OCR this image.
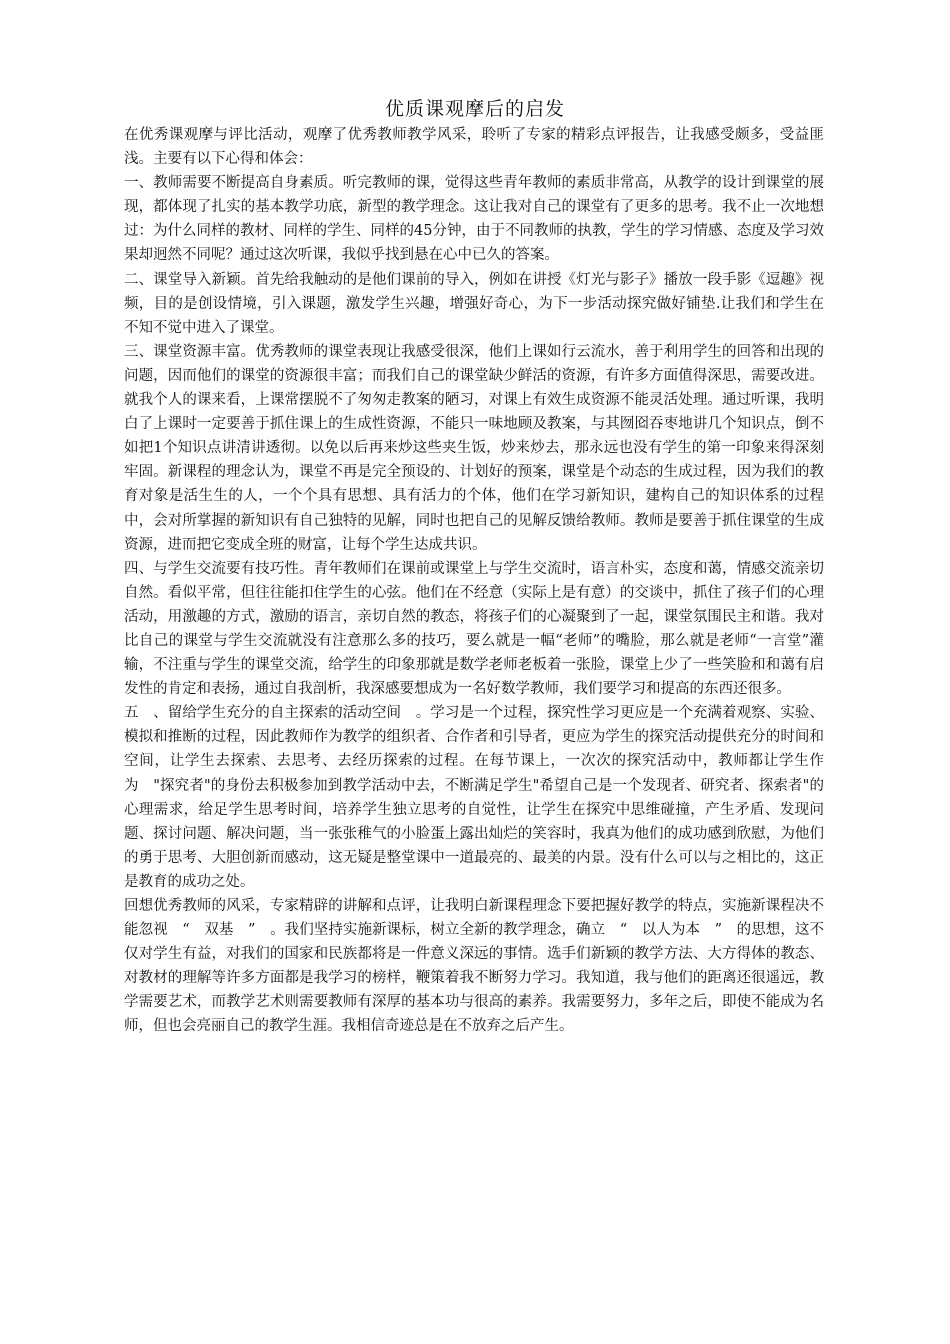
优质课观摩后的启发

在优秀课观摩与评比活动，观摩了优秀教师教学风采，聆听了专家的精彩点评报告，让我感受颇多，受益匪浅。主要有以下心得和体会：

一、教师需要不断提高自身素质。听完教师的课，觉得这些青年教师的素质非常高，从教学的设计到课堂的展现，都体现了扎实的基本教学功底，新型的教学理念。这让我对自己的课堂有了更多的思考。我不止一次地想过：为什么同样的教材、同样的学生、同样的45分钟，由于不同教师的执教，学生的学习情感、态度及学习效果却迥然不同呢？通过这次听课，我似乎找到悬在心中已久的答案。

二、课堂导入新颖。首先给我触动的是他们课前的导入，例如在讲授《灯光与影子》播放一段手影《逗趣》视频，目的是创设情境，引入课题，激发学生兴趣，增强好奇心，为下一步活动探究做好铺垫.让我们和学生在不知不觉中进入了课堂。

三、课堂资源丰富。优秀教师的课堂表现让我感受很深，他们上课如行云流水，善于利用学生的回答和出现的问题，因而他们的课堂的资源很丰富；而我们自己的课堂缺少鲜活的资源，有许多方面值得深思，需要改进。就我个人的课来看，上课常摆脱不了匆匆走教案的陋习，对课上有效生成资源不能灵活处理。通过听课，我明白了上课时一定要善于抓住课上的生成性资源，不能只一味地顾及教案，与其囫囵吞枣地讲几个知识点，倒不如把1个知识点讲清讲透彻。以免以后再来炒这些夹生饭，炒来炒去，那永远也没有学生的第一印象来得深刻牢固。新课程的理念认为，课堂不再是完全预设的、计划好的预案，课堂是个动态的生成过程，因为我们的教育对象是活生生的人，一个个具有思想、具有活力的个体，他们在学习新知识，建构自己的知识体系的过程中，会对所掌握的新知识有自己独特的见解，同时也把自己的见解反馈给教师。教师是要善于抓住课堂的生成资源，进而把它变成全班的财富，让每个学生达成共识。

四、与学生交流要有技巧性。青年教师们在课前或课堂上与学生交流时，语言朴实，态度和蔼，情感交流亲切自然。看似平常，但往往能扣住学生的心弦。他们在不经意（实际上是有意）的交谈中，抓住了孩子们的心理活动，用激趣的方式，激励的语言，亲切自然的教态，将孩子们的心凝聚到了一起，课堂氛围民主和谐。我对比自己的课堂与学生交流就没有注意那么多的技巧，要么就是一幅“老师”的嘴脸，那么就是老师“一言堂”灌输，不注重与学生的课堂交流，给学生的印象那就是数学老师老板着一张脸，课堂上少了一些笑脸和和蔼有启发性的肯定和表扬，通过自我剖析，我深感要想成为一名好数学教师，我们要学习和提高的东西还很多。

五　、留给学生充分的自主探索的活动空间　。学习是一个过程，探究性学习更应是一个充满着观察、实验、模拟和推断的过程，因此教师作为教学的组织者、合作者和引导者，更应为学生的探究活动提供充分的时间和空间，让学生去探索、去思考、去经历探索的过程。在每节课上，一次次的探究活动中，教师都让学生作为　"探究者"的身份去积极参加到教学活动中去，不断满足学生"希望自己是一个发现者、研究者、探索者"的心理需求，给足学生思考时间，培养学生独立思考的自觉性，让学生在探究中思维碰撞，产生矛盾、发现问题、探讨问题、解决问题，当一张张稚气的小脸蛋上露出灿烂的笑容时，我真为他们的成功感到欣慰，为他们的勇于思考、大胆创新而感动，这无疑是整堂课中一道最亮的、最美的内景。没有什么可以与之相比的，这正是教育的成功之处。

回想优秀教师的风采，专家精辟的讲解和点评，让我明白新课程理念下要把握好教学的特点，实施新课程决不能忽视　“　双基　”　。我们坚持实施新课标，树立全新的教学理念，确立　“　以人为本　”　的思想，这不仅对学生有益，对我们的国家和民族都将是一件意义深远的事情。选手们新颖的教学方法、大方得体的教态、对教材的理解等许多方面都是我学习的榜样，鞭策着我不断努力学习。我知道，我与他们的距离还很遥远，教学需要艺术，而教学艺术则需要教师有深厚的基本功与很高的素养。我需要努力，多年之后，即使不能成为名师，但也会亮丽自己的教学生涯。我相信奇迹总是在不放弃之后产生。
